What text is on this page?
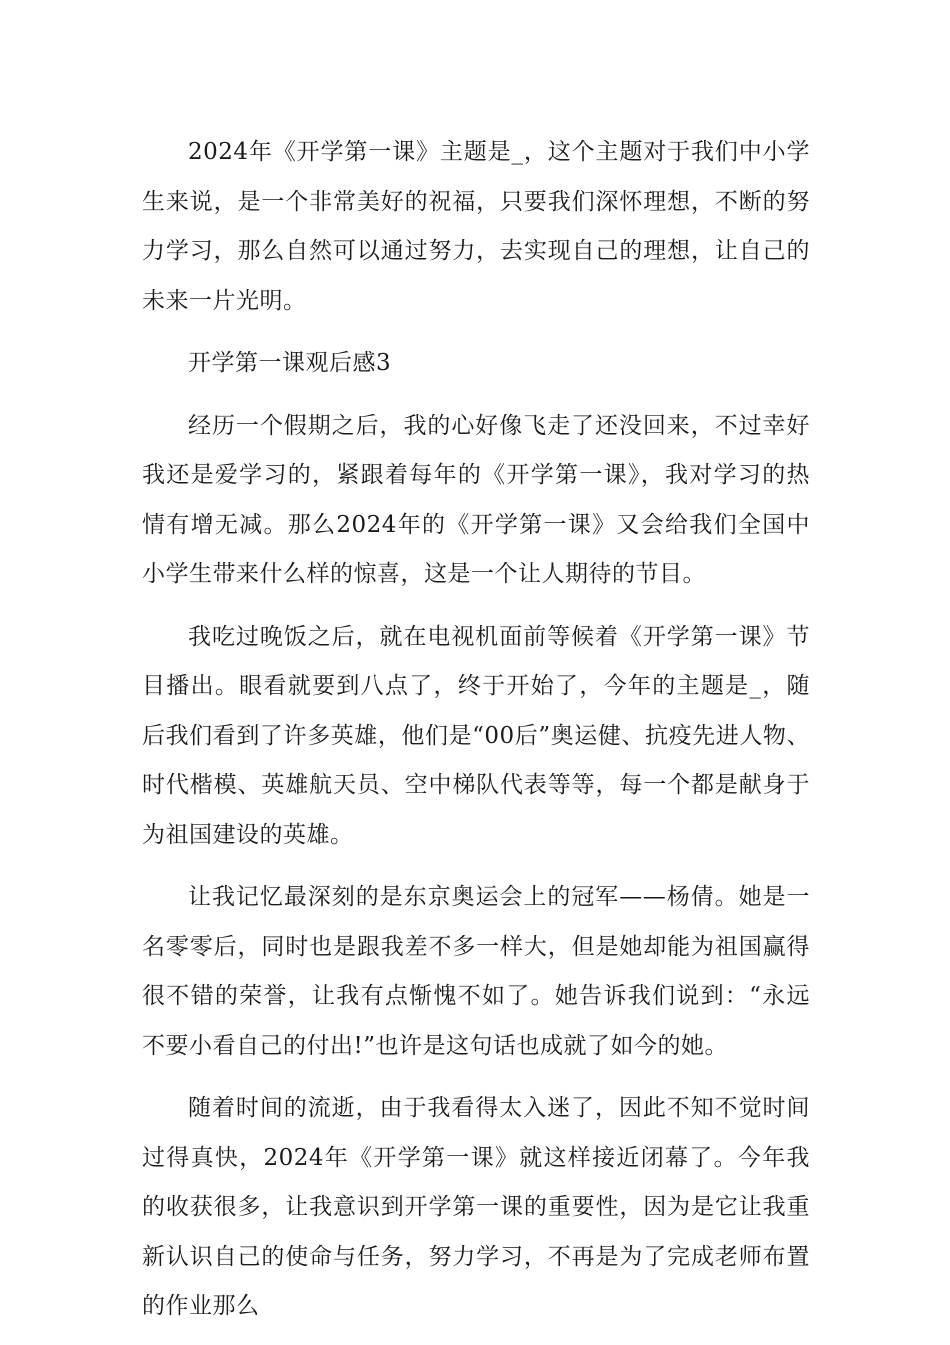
2024年《开学第一课》主题是_，这个主题对于我们中小学生来说，是一个非常美好的祝福，只要我们深怀理想，不断的努力学习，那么自然可以通过努力，去实现自己的理想，让自己的未来一片光明。

开学第一课观后感3

经历一个假期之后，我的心好像飞走了还没回来，不过幸好我还是爱学习的，紧跟着每年的《开学第一课》，我对学习的热情有增无减。那么2024年的《开学第一课》又会给我们全国中小学生带来什么样的惊喜，这是一个让人期待的节目。

我吃过晚饭之后，就在电视机面前等候着《开学第一课》节目播出。眼看就要到八点了，终于开始了，今年的主题是_，随后我们看到了许多英雄，他们是“00后”奥运健、抗疫先进人物、时代楷模、英雄航天员、空中梯队代表等等，每一个都是献身于为祖国建设的英雄。

让我记忆最深刻的是东京奥运会上的冠军——杨倩。她是一名零零后，同时也是跟我差不多一样大，但是她却能为祖国赢得很不错的荣誉，让我有点惭愧不如了。她告诉我们说到：“永远不要小看自己的付出!”也许是这句话也成就了如今的她。

随着时间的流逝，由于我看得太入迷了，因此不知不觉时间过得真快，2024年《开学第一课》就这样接近闭幕了。今年我的收获很多，让我意识到开学第一课的重要性，因为是它让我重新认识自己的使命与任务，努力学习，不再是为了完成老师布置的作业那么
